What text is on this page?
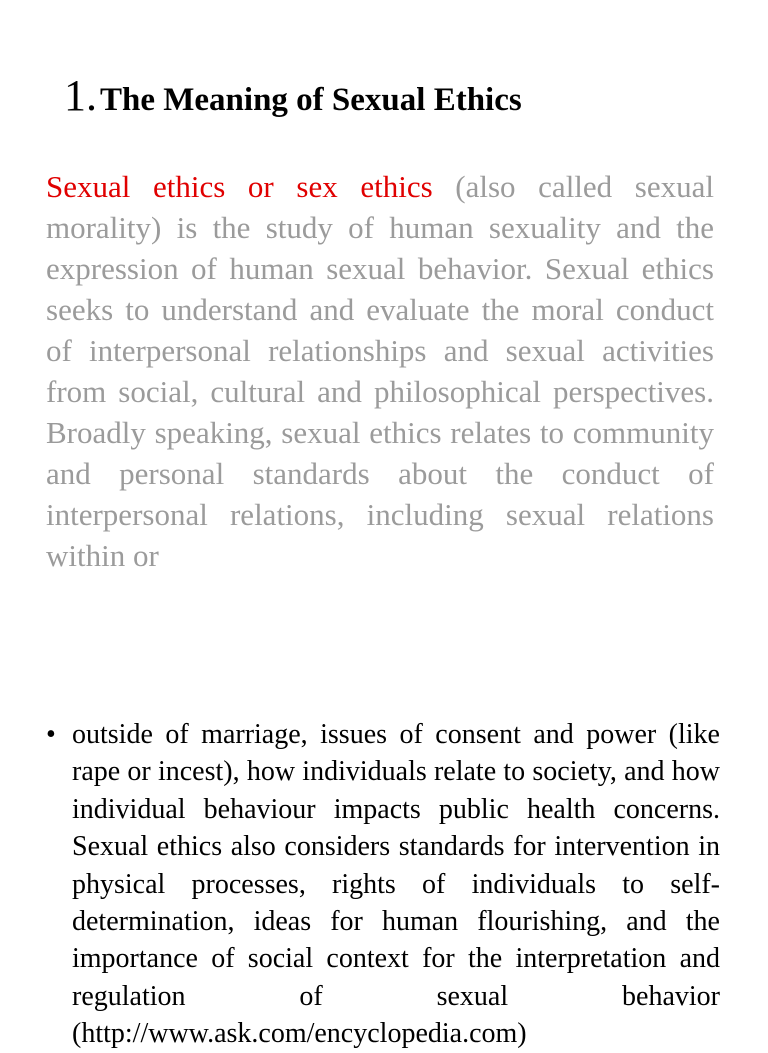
1.The Meaning of Sexual Ethics

Sexual ethics or sex ethics (also called sexual morality) is the study of human sexuality and the expression of human sexual behavior. Sexual ethics seeks to understand and evaluate the moral conduct of interpersonal relationships and sexual activities from social, cultural and philosophical perspectives. Broadly speaking, sexual ethics relates to community and personal standards about the conduct of interpersonal relations, including sexual relations within or

• outside of marriage, issues of consent and power (like rape or incest), how individuals relate to society, and how individual behaviour impacts public health concerns. Sexual ethics also considers standards for intervention in physical processes, rights of individuals to self-determination, ideas for human flourishing, and the importance of social context for the interpretation and regulation of sexual behavior (http://www.ask.com/encyclopedia.com)
